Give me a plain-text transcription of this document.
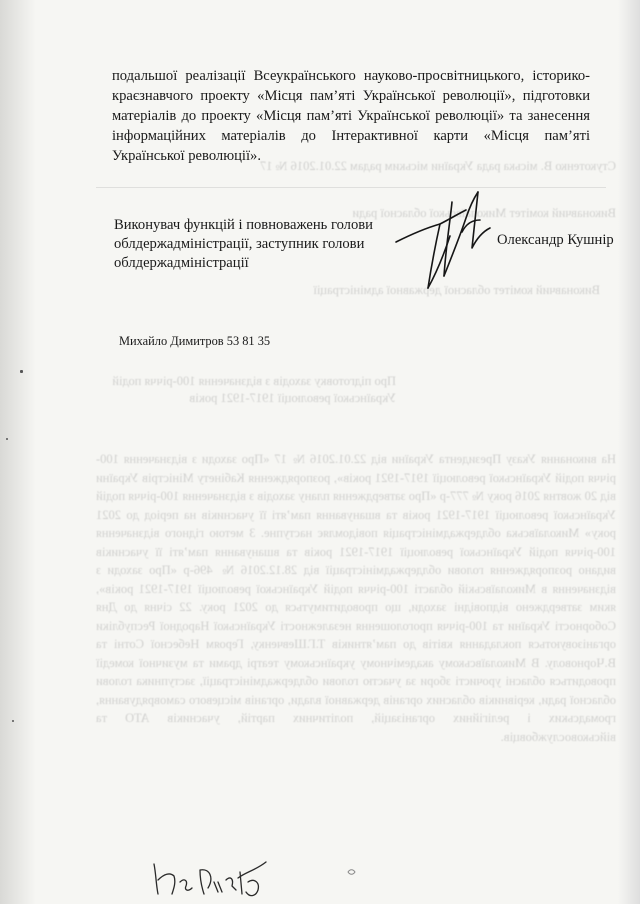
Стукотенко В. міська рада України міським радам 22.01.2016 № 17
Виконавчий комітет Миколаївської обласної ради
Виконавчий комітет обласної державної адміністрації
Про підготовку заходів з відзначення 100-річчя подій Української революції 1917-1921 років
На виконання Указу Президента України від 22.01.2016 № 17 «Про заходи з відзначення 100-річчя подій Української революції 1917-1921 років», розпорядження Кабінету Міністрів України від 20 жовтня 2016 року № 777-р «Про затвердження плану заходів з відзначення 100-річчя подій Української революції 1917-1921 років та вшанування пам’яті її учасників на період до 2021 року» Миколаївська облдержадміністрація повідомляє наступне. З метою гідного відзначення 100-річчя подій Української революції 1917-1921 років та вшанування пам’яті її учасників видано розпорядження голови облдержадміністрації від 28.12.2016 № 496-р «Про заходи з відзначення в Миколаївській області 100-річчя подій Української революції 1917-1921 років», яким затверджено відповідні заходи, що проводитимуться до 2021 року. 22 січня до Дня Соборності України та 100-річчя проголошення незалежності Української Народної Республіки організовуються покладання квітів до пам’ятників Т.Г.Шевченку, Героям Небесної Сотні та В.Чорноволу. В Миколаївському академічному українському театрі драми та музичної комедії проводиться обласні урочисті збори за участю голови облдержадміністрації, заступника голови обласної ради, керівників обласних органів державної влади, органів місцевого самоврядування, громадських і релігійних організацій, політичних партій, учасників АТО та військовослужбовців.

подальшої реалізації Всеукраїнського науково-просвітницького, історико-краєзнавчого проекту «Місця пам’яті Української революції», підготовки матеріалів до проекту «Місця пам’яті Української революції» та занесення інформаційних матеріалів до Інтерактивної карти «Місця пам’яті Української революції».

Виконувач функцій і повноважень голови
облдержадміністрації, заступник голови
облдержадміністрації
Олександр Кушнір
Михайло Димитров 53 81 35
